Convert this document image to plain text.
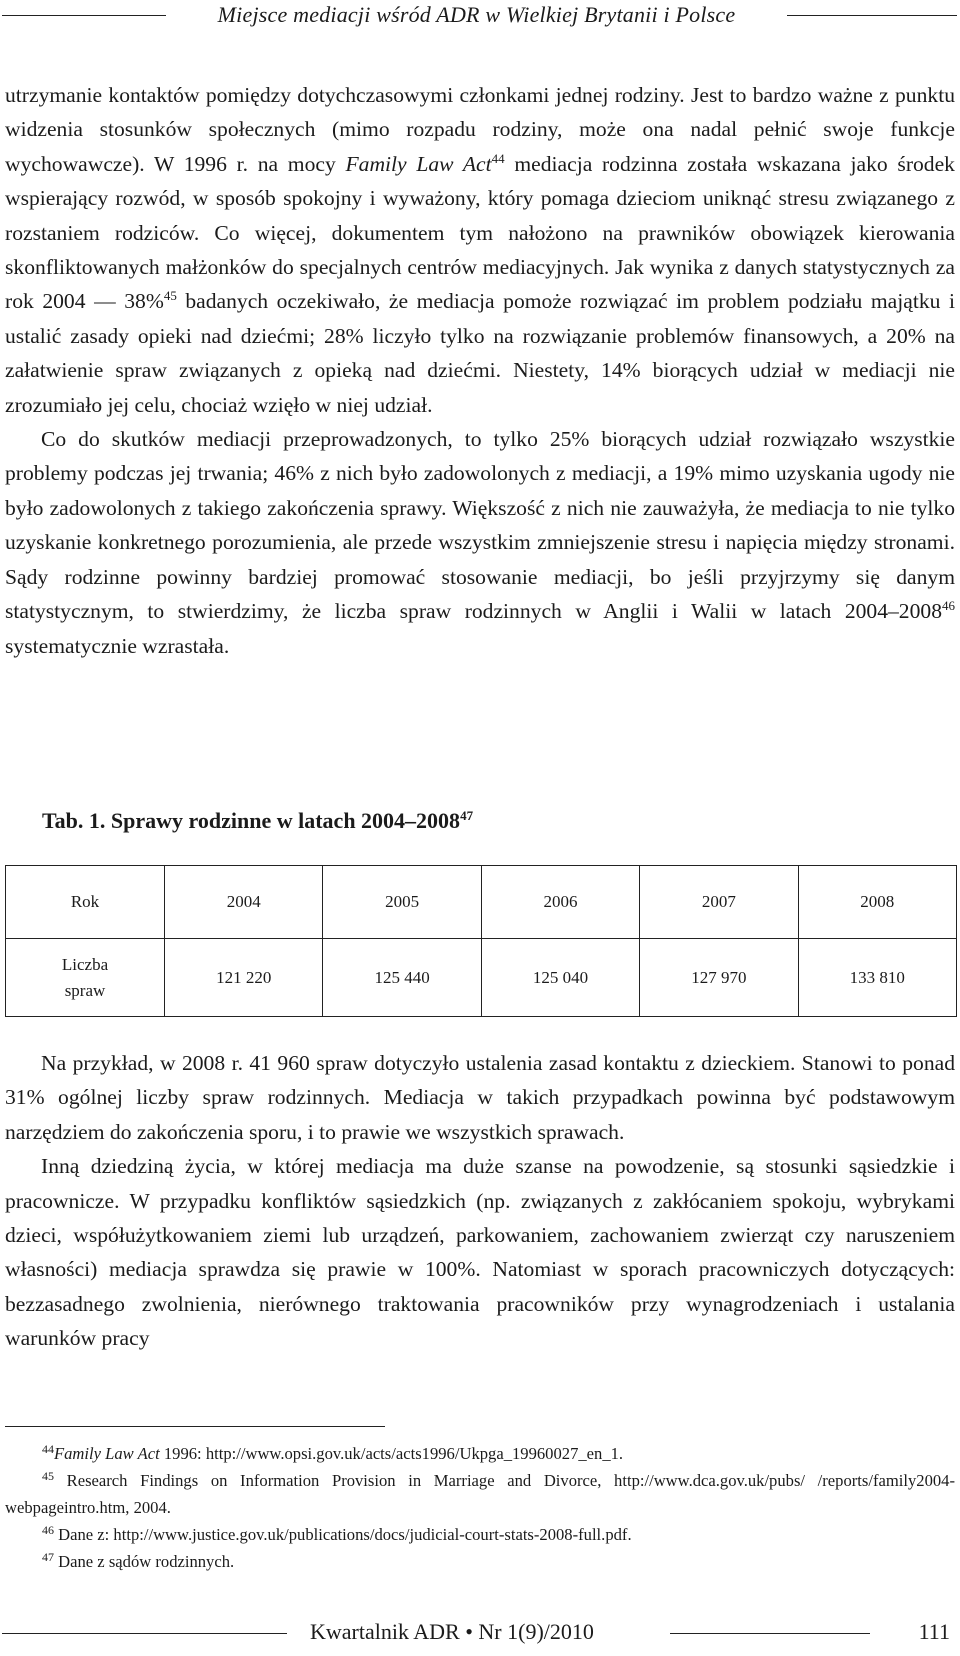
Miejsce mediacji wśród ADR w Wielkiej Brytanii i Polsce

utrzymanie kontaktów pomiędzy dotychczasowymi członkami jednej rodziny. Jest to bardzo ważne z punktu widzenia stosunków społecznych (mimo rozpadu rodziny, może ona nadal pełnić swoje funkcje wychowawcze). W 1996 r. na mocy Family Law Act$^{44}$ mediacja rodzinna została wskazana jako środek wspierający rozwód, w sposób spokojny i wyważony, który pomaga dzieciom uniknąć stresu związanego z rozstaniem rodziców. Co więcej, dokumentem tym nałożono na prawników obowiązek kierowania skonfliktowanych małżonków do specjalnych centrów mediacyjnych. Jak wynika z danych statystycznych za rok 2004 — 38%$^{45}$ badanych oczekiwało, że mediacja pomoże rozwiązać im problem podziału majątku i ustalić zasady opieki nad dziećmi; 28% liczyło tylko na rozwiązanie problemów finansowych, a 20% na załatwienie spraw związanych z opieką nad dziećmi. Niestety, 14% biorących udział w mediacji nie zrozumiało jej celu, chociaż wzięło w niej udział.

Co do skutków mediacji przeprowadzonych, to tylko 25% biorących udział rozwiązało wszystkie problemy podczas jej trwania; 46% z nich było zadowolonych z mediacji, a 19% mimo uzyskania ugody nie było zadowolonych z takiego zakończenia sprawy. Większość z nich nie zauważyła, że mediacja to nie tylko uzyskanie konkretnego porozumienia, ale przede wszystkim zmniejszenie stresu i napięcia między stronami. Sądy rodzinne powinny bardziej promować stosowanie mediacji, bo jeśli przyjrzymy się danym statystycznym, to stwierdzimy, że liczba spraw rodzinnych w Anglii i Walii w latach 2004–2008$^{46}$ systematycznie wzrastała.

Tab. 1. Sprawy rodzinne w latach 2004–2008$^{47}$
Rok	2004	2005	2006	2007	2008
Liczba
spraw	121 220	125 440	125 040	127 970	133 810

Na przykład, w 2008 r. 41 960 spraw dotyczyło ustalenia zasad kontaktu z dzieckiem. Stanowi to ponad 31% ogólnej liczby spraw rodzinnych. Mediacja w takich przypadkach powinna być podstawowym narzędziem do zakończenia sporu, i to prawie we wszystkich sprawach.

Inną dziedziną życia, w której mediacja ma duże szanse na powodzenie, są stosunki sąsiedzkie i pracownicze. W przypadku konfliktów sąsiedzkich (np. związanych z zakłócaniem spokoju, wybrykami dzieci, współużytkowaniem ziemi lub urządzeń, parkowaniem, zachowaniem zwierząt czy naruszeniem własności) mediacja sprawdza się prawie w 100%. Natomiast w sporach pracowniczych dotyczących: bezzasadnego zwolnienia, nierównego traktowania pracowników przy wynagrodzeniach i ustalania warunków pracy

$^{44}$Family Law Act 1996: http://www.opsi.gov.uk/acts/acts1996/Ukpga_19960027_en_1.
$^{45}$ Research Findings on Information Provision in Marriage and Divorce, http://www.dca.gov.uk/pubs/ /reports/family2004-webpageintro.htm, 2004.
$^{46}$ Dane z: http://www.justice.gov.uk/publications/docs/judicial-court-stats-2008-full.pdf.
$^{47}$ Dane z sądów rodzinnych.
Kwartalnik ADR • Nr 1(9)/2010	111
